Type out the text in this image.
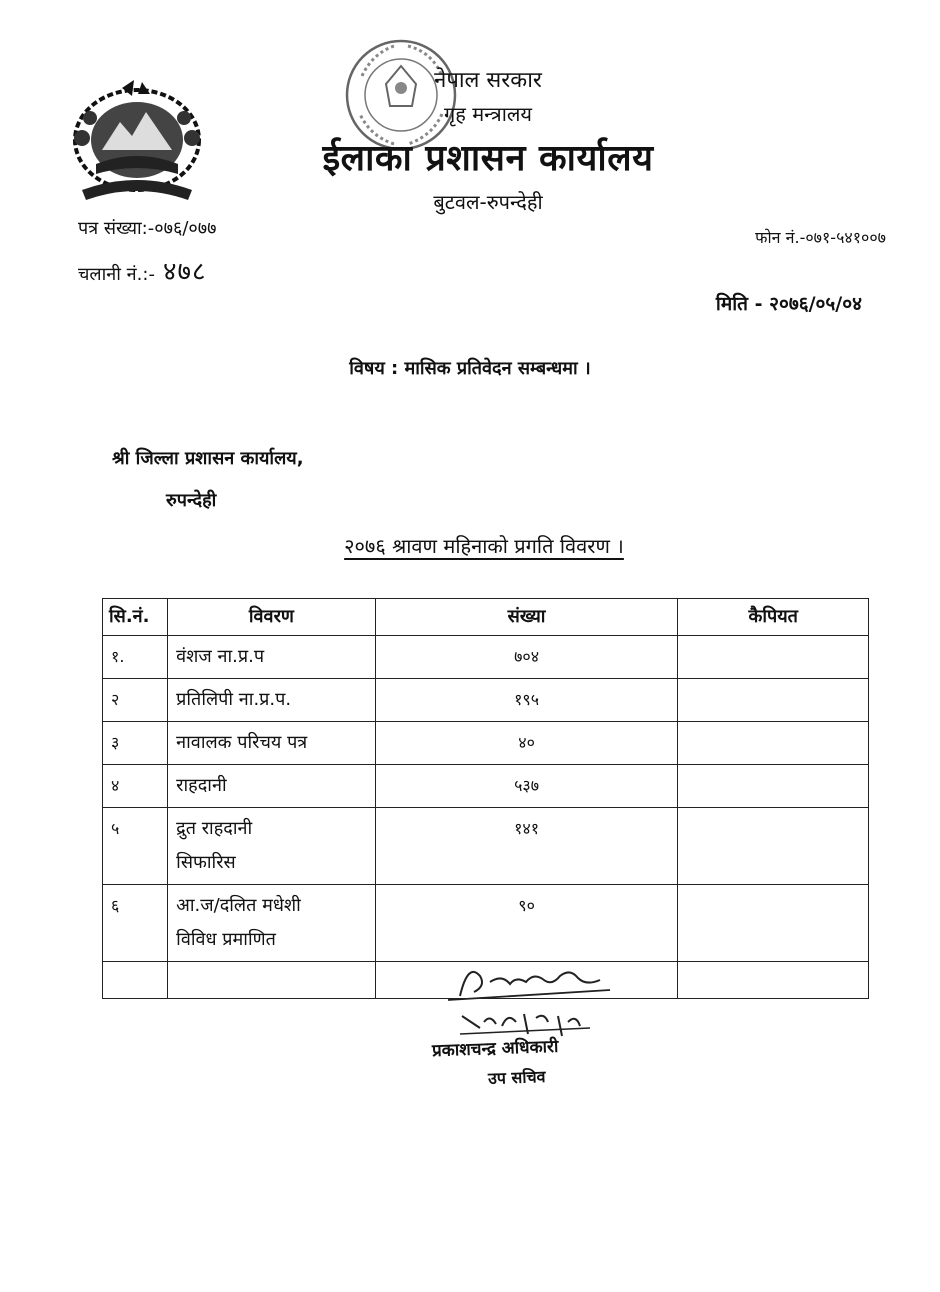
नेपाल सरकार
गृह मन्त्रालय
ईलाका प्रशासन कार्यालय
बुटवल-रुपन्देही
पत्र संख्या:-०७६/०७७
चलानी नं.:- ४७८
फोन नं.-०७१-५४१००७
मिति - २०७६/०५/०४
विषय : मासिक प्रतिवेदन सम्बन्धमा ।
श्री जिल्ला प्रशासन कार्यालय,
रुपन्देही
२०७६ श्रावण महिनाको प्रगति विवरण ।
सि.नं.	विवरण	संख्या	कैपियत
१.	वंशज ना.प्र.प	७०४	
२	प्रतिलिपी ना.प्र.प.	१९५	
३	नावालक परिचय पत्र	४०	
४	राहदानी	५३७	
५	द्रुत राहदानी
सिफारिस	१४१	
६	आ.ज/दलित मधेशी
विविध प्रमाणित	९०	

प्रकाशचन्द्र अधिकारी
उप सचिव
